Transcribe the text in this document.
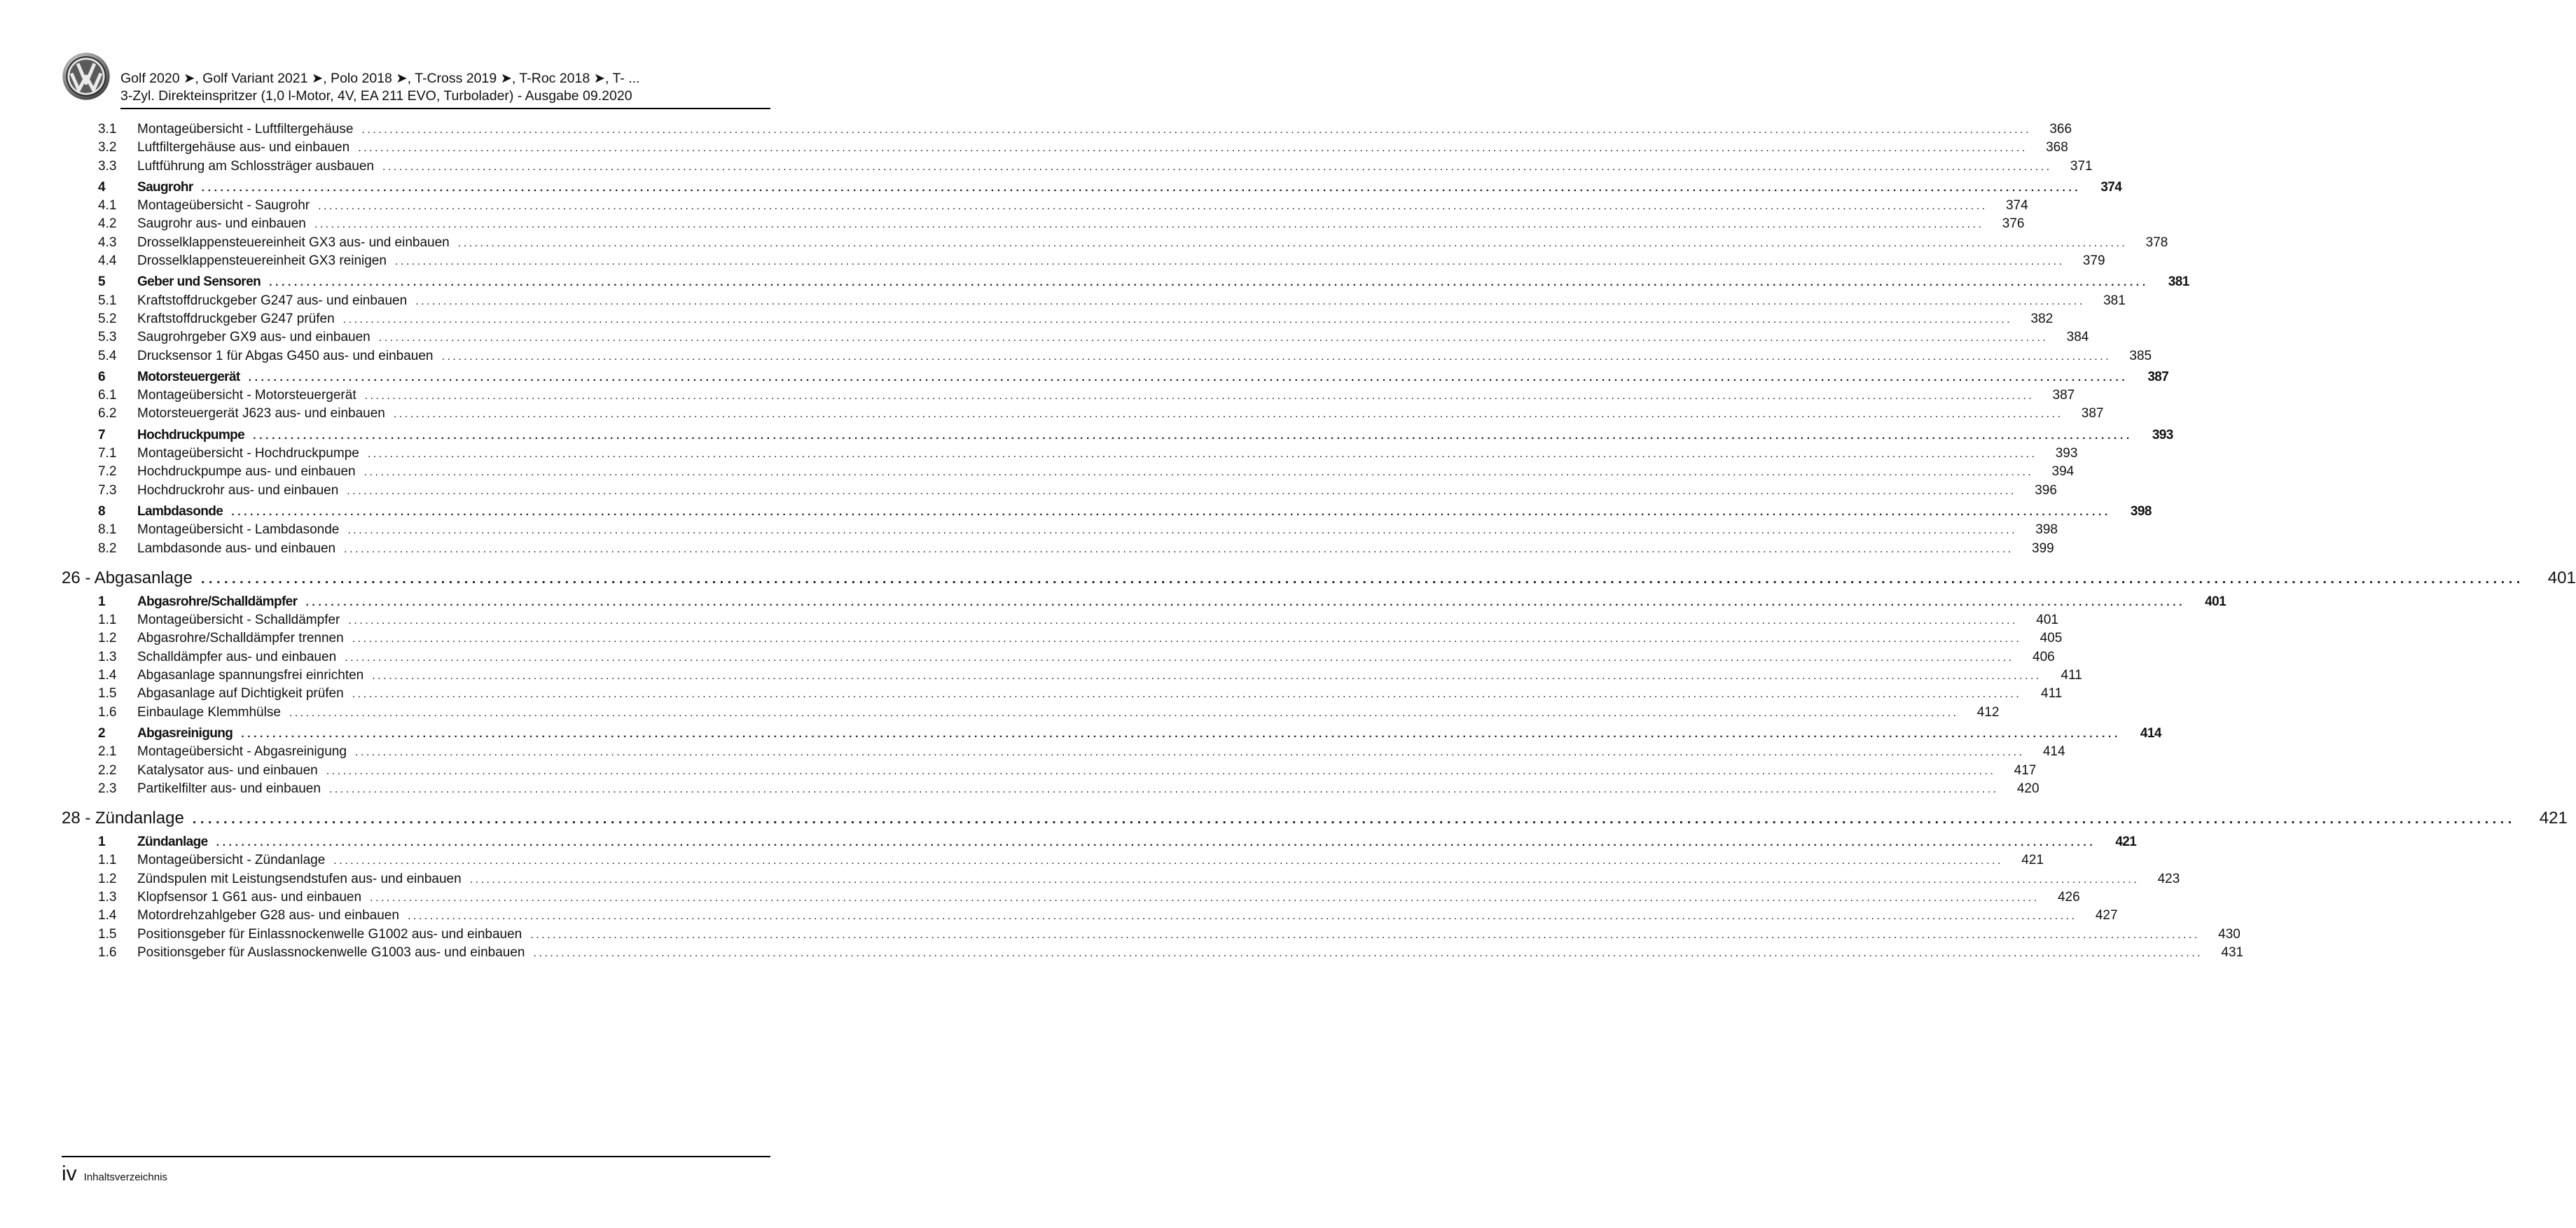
Golf 2020 ➤, Golf Variant 2021 ➤, Polo 2018 ➤, T-Cross 2019 ➤, T-Roc 2018 ➤, T- ...
3-Zyl. Direkteinspritzer (1,0 l-Motor, 4V, EA 211 EVO, Turbolader) - Ausgabe 09.2020
3.1	Montageübersicht - Luftfiltergehäuse ............................................................................................................................................................................................................................................................................................................	366
3.2	Luftfiltergehäuse aus- und einbauen ............................................................................................................................................................................................................................................................................................................	368
3.3	Luftführung am Schlossträger ausbauen ............................................................................................................................................................................................................................................................................................................	371
4	Saugrohr ............................................................................................................................................................................................................................................................................................................	374
4.1	Montageübersicht - Saugrohr ............................................................................................................................................................................................................................................................................................................	374
4.2	Saugrohr aus- und einbauen ............................................................................................................................................................................................................................................................................................................	376
4.3	Drosselklappensteuereinheit GX3 aus- und einbauen ............................................................................................................................................................................................................................................................................................................	378
4.4	Drosselklappensteuereinheit GX3 reinigen ............................................................................................................................................................................................................................................................................................................	379
5	Geber und Sensoren ............................................................................................................................................................................................................................................................................................................	381
5.1	Kraftstoffdruckgeber G247 aus- und einbauen ............................................................................................................................................................................................................................................................................................................	381
5.2	Kraftstoffdruckgeber G247 prüfen ............................................................................................................................................................................................................................................................................................................	382
5.3	Saugrohrgeber GX9 aus- und einbauen ............................................................................................................................................................................................................................................................................................................	384
5.4	Drucksensor 1 für Abgas G450 aus- und einbauen ............................................................................................................................................................................................................................................................................................................	385
6	Motorsteuergerät ............................................................................................................................................................................................................................................................................................................	387
6.1	Montageübersicht - Motorsteuergerät ............................................................................................................................................................................................................................................................................................................	387
6.2	Motorsteuergerät J623 aus- und einbauen ............................................................................................................................................................................................................................................................................................................	387
7	Hochdruckpumpe ............................................................................................................................................................................................................................................................................................................	393
7.1	Montageübersicht - Hochdruckpumpe ............................................................................................................................................................................................................................................................................................................	393
7.2	Hochdruckpumpe aus- und einbauen ............................................................................................................................................................................................................................................................................................................	394
7.3	Hochdruckrohr aus- und einbauen ............................................................................................................................................................................................................................................................................................................	396
8	Lambdasonde ............................................................................................................................................................................................................................................................................................................	398
8.1	Montageübersicht - Lambdasonde ............................................................................................................................................................................................................................................................................................................	398
8.2	Lambdasonde aus- und einbauen ............................................................................................................................................................................................................................................................................................................	399
26 - Abgasanlage ............................................................................................................................................................................................................................................................................................................	401
1	Abgasrohre/Schalldämpfer ............................................................................................................................................................................................................................................................................................................	401
1.1	Montageübersicht - Schalldämpfer ............................................................................................................................................................................................................................................................................................................	401
1.2	Abgasrohre/Schalldämpfer trennen ............................................................................................................................................................................................................................................................................................................	405
1.3	Schalldämpfer aus- und einbauen ............................................................................................................................................................................................................................................................................................................	406
1.4	Abgasanlage spannungsfrei einrichten ............................................................................................................................................................................................................................................................................................................	411
1.5	Abgasanlage auf Dichtigkeit prüfen ............................................................................................................................................................................................................................................................................................................	411
1.6	Einbaulage Klemmhülse ............................................................................................................................................................................................................................................................................................................	412
2	Abgasreinigung ............................................................................................................................................................................................................................................................................................................	414
2.1	Montageübersicht - Abgasreinigung ............................................................................................................................................................................................................................................................................................................	414
2.2	Katalysator aus- und einbauen ............................................................................................................................................................................................................................................................................................................	417
2.3	Partikelfilter aus- und einbauen ............................................................................................................................................................................................................................................................................................................	420
28 - Zündanlage ............................................................................................................................................................................................................................................................................................................	421
1	Zündanlage ............................................................................................................................................................................................................................................................................................................	421
1.1	Montageübersicht - Zündanlage ............................................................................................................................................................................................................................................................................................................	421
1.2	Zündspulen mit Leistungsendstufen aus- und einbauen ............................................................................................................................................................................................................................................................................................................	423
1.3	Klopfsensor 1 G61 aus- und einbauen ............................................................................................................................................................................................................................................................................................................	426
1.4	Motordrehzahlgeber G28 aus- und einbauen ............................................................................................................................................................................................................................................................................................................	427
1.5	Positionsgeber für Einlassnockenwelle G1002 aus- und einbauen ............................................................................................................................................................................................................................................................................................................	430
1.6	Positionsgeber für Auslassnockenwelle G1003 aus- und einbauen ............................................................................................................................................................................................................................................................................................................	431
iv Inhaltsverzeichnis
